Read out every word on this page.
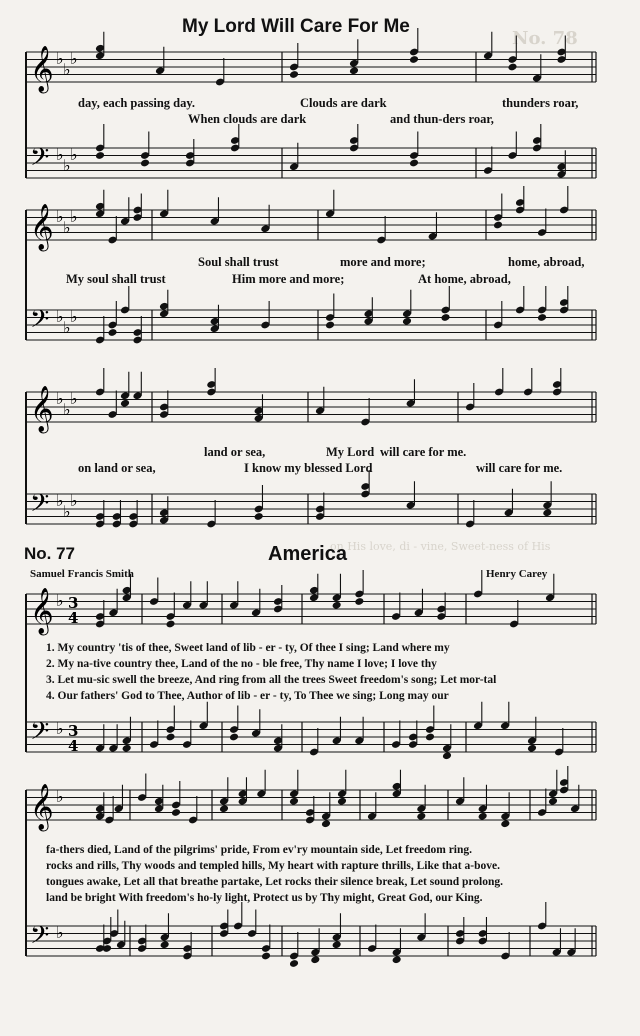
No. 78
on His love, di - vine, Sweet-ness of His
𝄞 ♭
♭
♭
𝄢 ♭
♭
♭
𝄞 ♭
♭
♭
𝄢 ♭
♭
♭
𝄞 ♭
♭
♭
𝄢 ♭
♭
♭
𝄞 ♭ 3
4
𝄢 ♭ 3
4
𝄞 ♭
𝄢 ♭
My Lord Will Care For Me
day, each passing day.	Clouds are dark	thunders roar,
When clouds are dark	and thun-ders roar,
Soul shall trust	more and more;	home, abroad,
My soul shall trust	Him more and more;	At home, abroad,
land or sea,	My Lord will care for me.
on land or sea,	I know my blessed Lord	will care for me.
No. 77	America
Samuel Francis Smith	Henry Carey
1. My country 'tis of thee, Sweet land of lib - er - ty, Of thee I sing; Land where my
2. My na-tive country thee, Land of the no - ble free, Thy name I love; I love thy
3. Let mu-sic swell the breeze, And ring from all the trees Sweet freedom's song; Let mor-tal
4. Our fathers' God to Thee, Author of lib - er - ty, To Thee we sing; Long may our
fa-thers died, Land of the pilgrims' pride, From ev'ry mountain side, Let freedom ring.
rocks and rills, Thy woods and templed hills, My heart with rapture thrills, Like that a-bove.
tongues awake, Let all that breathe partake, Let rocks their silence break, Let sound prolong.
land be bright With freedom's ho-ly light, Protect us by Thy might, Great God, our King.
